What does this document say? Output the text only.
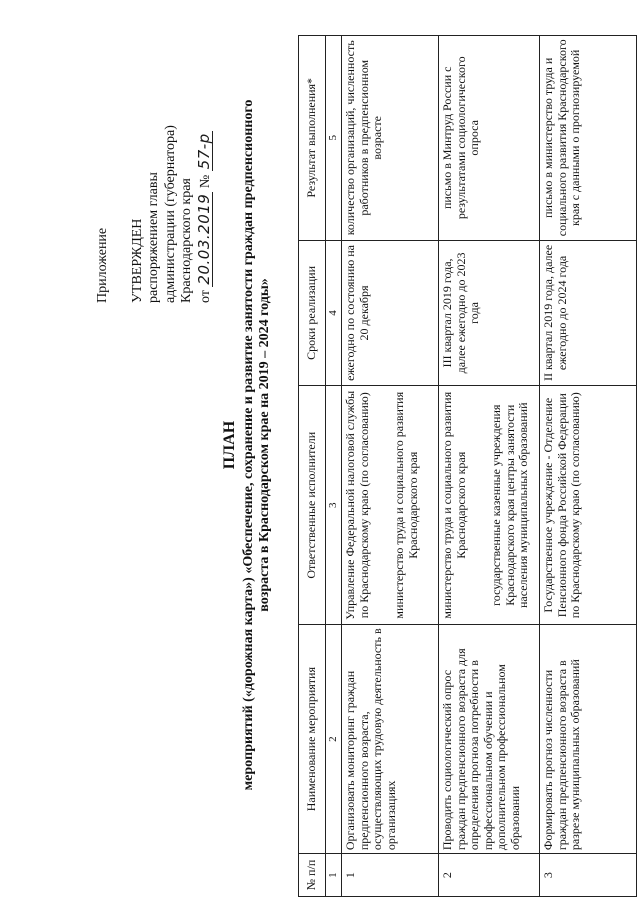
Приложение УТВЕРЖДЕН распоряжением главы администрации (губернатора) Краснодарского края от 20.03.2019 № 57-р
ПЛАН мероприятий («дорожная карта») «Обеспечение, сохранение и развитие занятости граждан предпенсионного возраста в Краснодарском крае на 2019 – 2024 годы»
№ п/п	Наименование мероприятия	Ответственные исполнители	Сроки реализации	Результат выполнения*
1	2	3	4	5
1	Организовать мониторинг граждан предпенсионного возраста, осуществляющих трудовую деятельность в организациях	Управление Федеральной налоговой службы по Краснодарскому краю (по согласованию) министерство труда и социального развития Краснодарского края	ежегодно по состоянию на 20 декабря	количество организаций, численность работников в предпенсионном возрасте
2	Проводить социологический опрос граждан предпенсионного возраста для определения прогноза потребности в профессиональном обучении и дополнительном профессиональном образовании	министерство труда и социального развития Краснодарского края государственные казенные учреждения Краснодарского края центры занятости населения муниципальных образований	III квартал 2019 года, далее ежегодно до 2023 года	письмо в Минтруд России с результатами социологического опроса
3	Формировать прогноз численности граждан предпенсионного возраста в разрезе муниципальных образований	Государственное учреждение - Отделение Пенсионного фонда Российской Федерации по Краснодарскому краю (по согласованию)	II квартал 2019 года, далее ежегодно до 2024 года	письмо в министерство труда и социального развития Краснодарского края с данными о прогнозируемой
